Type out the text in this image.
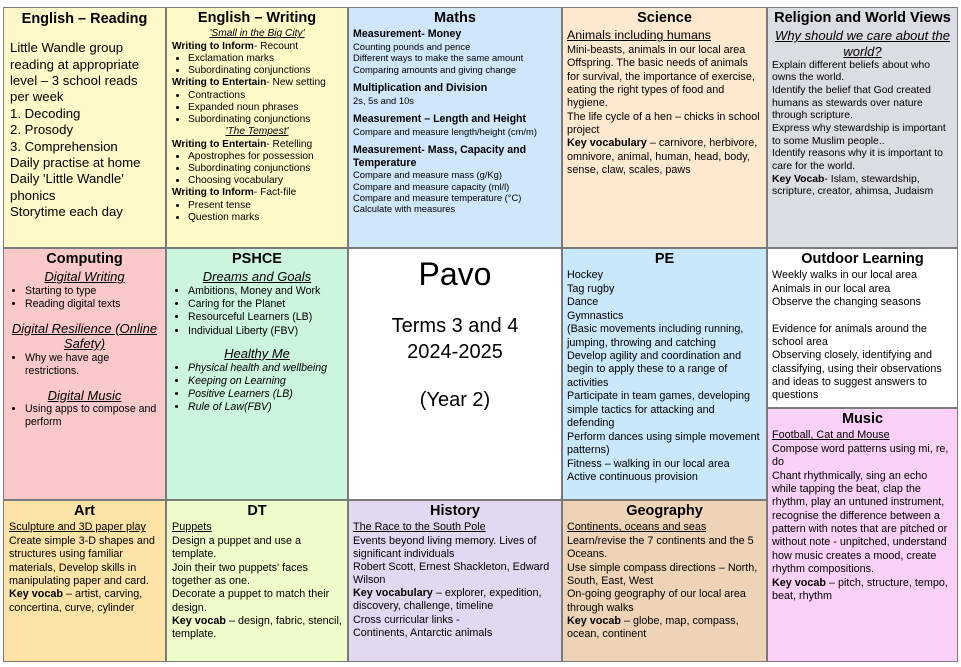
English – Reading

Little Wandle group reading at appropriate level – 3 school reads per week

1. Decoding

2. Prosody

3. Comprehension

Daily practise at home

Daily 'Little Wandle' phonics

Storytime each day

English – Writing
'Small in the Big City'
Writing to Inform- Recount
• Exclamation marks
• Subordinating conjunctions
Writing to Entertain- New setting
• Contractions
• Expanded noun phrases
• Subordinating conjunctions
'The Tempest'
Writing to Entertain- Retelling
• Apostrophes for possession
• Subordinating conjunctions
• Choosing vocabulary
Writing to Inform- Fact-file
• Present tense
• Question marks
Maths
Measurement- Money

Counting pounds and pence

Different ways to make the same amount

Comparing amounts and giving change

Multiplication and Division

2s, 5s and 10s

Measurement – Length and Height

Compare and measure length/height (cm/m)

Measurement- Mass, Capacity and Temperature

Compare and measure mass (g/Kg)

Compare and measure capacity (ml/l)

Compare and measure temperature (°C)

Calculate with measures

Science
Animals including humans

Mini-beasts, animals in our local area

Offspring. The basic needs of animals for survival, the importance of exercise, eating the right types of food and hygiene.

The life cycle of a hen – chicks in school project

Key vocabulary – carnivore, herbivore, omnivore, animal, human, head, body, sense, claw, scales, paws
Religion and World Views
Why should we care about the world?

Explain different beliefs about who owns the world.

Identify the belief that God created humans as stewards over nature through scripture.

Express why stewardship is important to some Muslim people..

Identify reasons why it is important to care for the world.

Key Vocab- Islam, stewardship, scripture, creator, ahimsa, Judaism
Computing
Digital Writing
• Starting to type
• Reading digital texts
Digital Resilience (Online Safety)
• Why we have age restrictions.
Digital Music
• Using apps to compose and perform
PSHCE
Dreams and Goals
• Ambitions, Money and Work
• Caring for the Planet
• Resourceful Learners (LB)
• Individual Liberty (FBV)
Healthy Me
• Physical health and wellbeing
• Keeping on Learning
• Positive Learners (LB)
• Rule of Law(FBV)
Pavo
Terms 3 and 4
2024-2025
(Year 2)
PE

Hockey

Tag rugby

Dance

Gymnastics

(Basic movements including running, jumping, throwing and catching

Develop agility and coordination and begin to apply these to a range of activities

Participate in team games, developing simple tactics for attacking and defending

Perform dances using simple movement patterns)

Fitness – walking in our local area

Active continuous provision

Outdoor Learning

Weekly walks in our local area

Animals in our local area

Observe the changing seasons

Evidence for animals around the school area

Observing closely, identifying and classifying, using their observations and ideas to suggest answers to questions

Music
Football, Cat and Mouse

Compose word patterns using mi, re, do

Chant rhythmically, sing an echo while tapping the beat, clap the rhythm, play an untuned instrument, recognise the difference between a pattern with notes that are pitched or without note - unpitched, understand how music creates a mood, create rhythm compositions.

Key vocab – pitch, structure, tempo, beat, rhythm
Art
Sculpture and 3D paper play
Create simple 3-D shapes and structures using familiar materials, Develop skills in manipulating paper and card.
Key vocab – artist, carving, concertina, curve, cylinder
DT
Puppets

Design a puppet and use a template.

Join their two puppets' faces together as one.

Decorate a puppet to match their design.

Key vocab – design, fabric, stencil, template.
History
The Race to the South Pole

Events beyond living memory. Lives of significant individuals

Robert Scott, Ernest Shackleton, Edward Wilson

Key vocabulary – explorer, expedition, discovery, challenge, timeline

Cross curricular links -

Continents, Antarctic animals

Geography
Continents, oceans and seas

Learn/revise the 7 continents and the 5 Oceans.

Use simple compass directions – North, South, East, West

On-going geography of our local area through walks

Key vocab – globe, map, compass, ocean, continent
